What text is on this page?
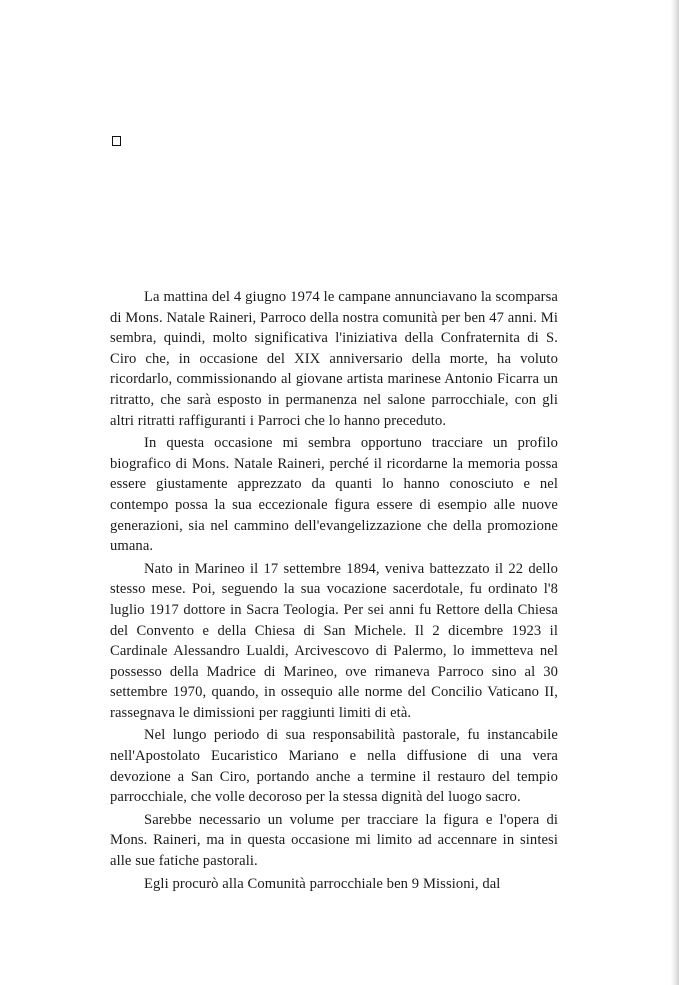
La mattina del 4 giugno 1974 le campane annunciavano la scomparsa di Mons. Natale Raineri, Parroco della nostra comunità per ben 47 anni. Mi sembra, quindi, molto significativa l'iniziativa della Confraternita di S. Ciro che, in occasione del XIX anniversario della morte, ha voluto ricordarlo, commissionando al giovane artista marinese Antonio Ficarra un ritratto, che sarà esposto in permanenza nel salone parrocchiale, con gli altri ritratti raffiguranti i Parroci che lo hanno preceduto.

In questa occasione mi sembra opportuno tracciare un profilo biografico di Mons. Natale Raineri, perché il ricordarne la memoria possa essere giustamente apprezzato da quanti lo hanno conosciuto e nel contempo possa la sua eccezionale figura essere di esempio alle nuove generazioni, sia nel cammino dell'evangelizzazione che della promozione umana.

Nato in Marineo il 17 settembre 1894, veniva battezzato il 22 dello stesso mese. Poi, seguendo la sua vocazione sacerdotale, fu ordinato l'8 luglio 1917 dottore in Sacra Teologia. Per sei anni fu Rettore della Chiesa del Convento e della Chiesa di San Michele. Il 2 dicembre 1923 il Cardinale Alessandro Lualdi, Arcivescovo di Palermo, lo immetteva nel possesso della Madrice di Marineo, ove rimaneva Parroco sino al 30 settembre 1970, quando, in ossequio alle norme del Concilio Vaticano II, rassegnava le dimissioni per raggiunti limiti di età.

Nel lungo periodo di sua responsabilità pastorale, fu instancabile nell'Apostolato Eucaristico Mariano e nella diffusione di una vera devozione a San Ciro, portando anche a termine il restauro del tempio parrocchiale, che volle decoroso per la stessa dignità del luogo sacro.

Sarebbe necessario un volume per tracciare la figura e l'opera di Mons. Raineri, ma in questa occasione mi limito ad accennare in sintesi alle sue fatiche pastorali.

Egli procurò alla Comunità parrocchiale ben 9 Missioni, dal
